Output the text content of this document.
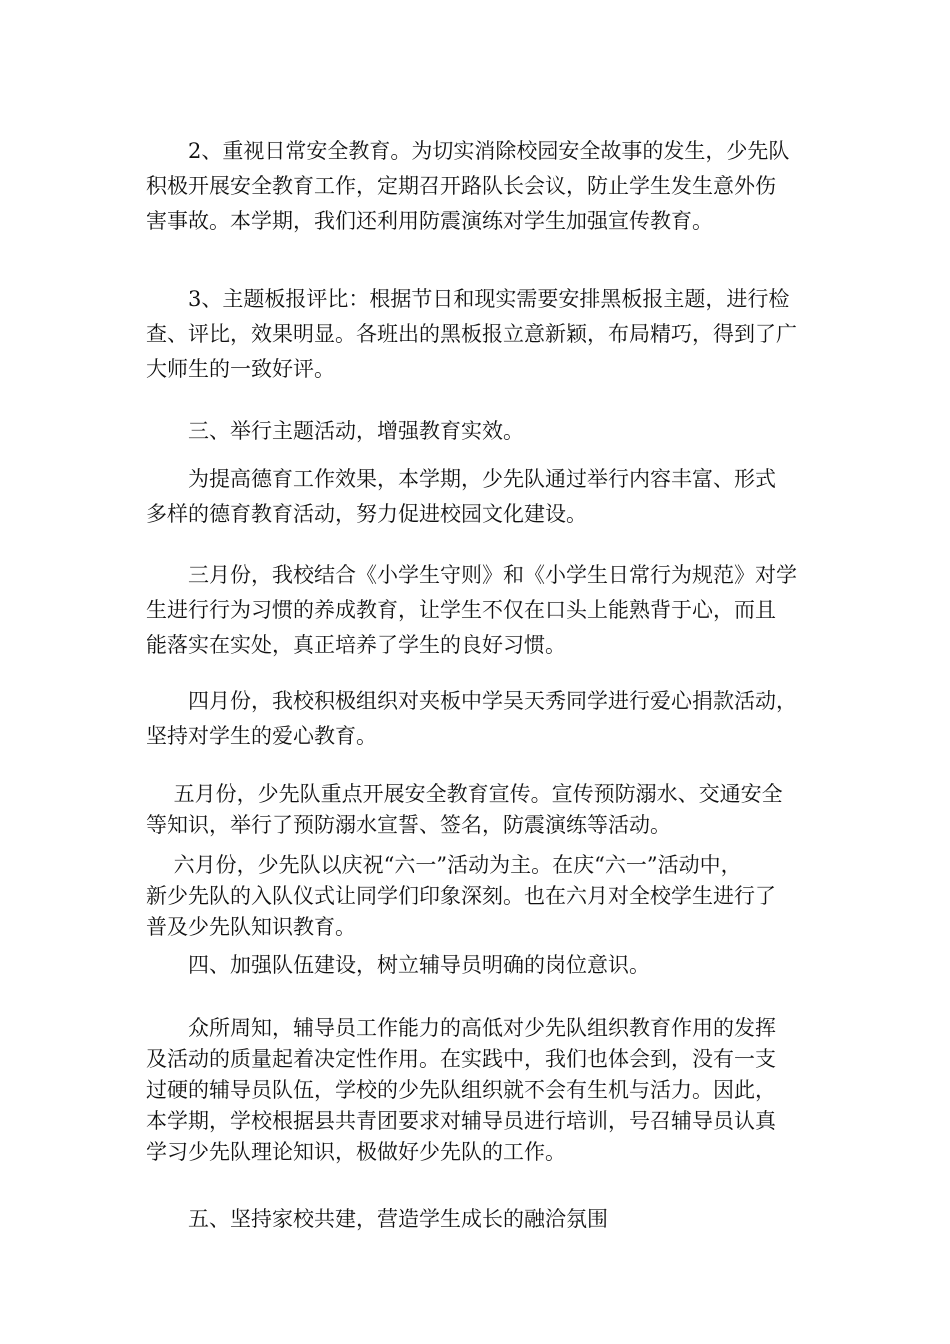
　　2、重视日常安全教育。为切实消除校园安全故事的发生，少先队

积极开展安全教育工作，定期召开路队长会议，防止学生发生意外伤

害事故。本学期，我们还利用防震演练对学生加强宣传教育。

　　3、主题板报评比：根据节日和现实需要安排黑板报主题，进行检

查、评比，效果明显。各班出的黑板报立意新颖，布局精巧，得到了广

大师生的一致好评。

　　三、举行主题活动，增强教育实效。

　　为提高德育工作效果，本学期，少先队通过举行内容丰富、形式

多样的德育教育活动，努力促进校园文化建设。

　　三月份，我校结合《小学生守则》和《小学生日常行为规范》对学

生进行行为习惯的养成教育，让学生不仅在口头上能熟背于心，而且

能落实在实处，真正培养了学生的良好习惯。

　　四月份，我校积极组织对夹板中学吴天秀同学进行爱心捐款活动，

坚持对学生的爱心教育。

　 五月份，少先队重点开展安全教育宣传。宣传预防溺水、交通安全

等知识，举行了预防溺水宣誓、签名，防震演练等活动。

　 六月份，少先队以庆祝“六一”活动为主。在庆“六一”活动中，

新少先队的入队仪式让同学们印象深刻。也在六月对全校学生进行了

普及少先队知识教育。

　　四、加强队伍建设，树立辅导员明确的岗位意识。

　　众所周知，辅导员工作能力的高低对少先队组织教育作用的发挥

及活动的质量起着决定性作用。在实践中，我们也体会到，没有一支

过硬的辅导员队伍，学校的少先队组织就不会有生机与活力。因此，

本学期，学校根据县共青团要求对辅导员进行培训，号召辅导员认真

学习少先队理论知识，极做好少先队的工作。

　　五、坚持家校共建，营造学生成长的融洽氛围
